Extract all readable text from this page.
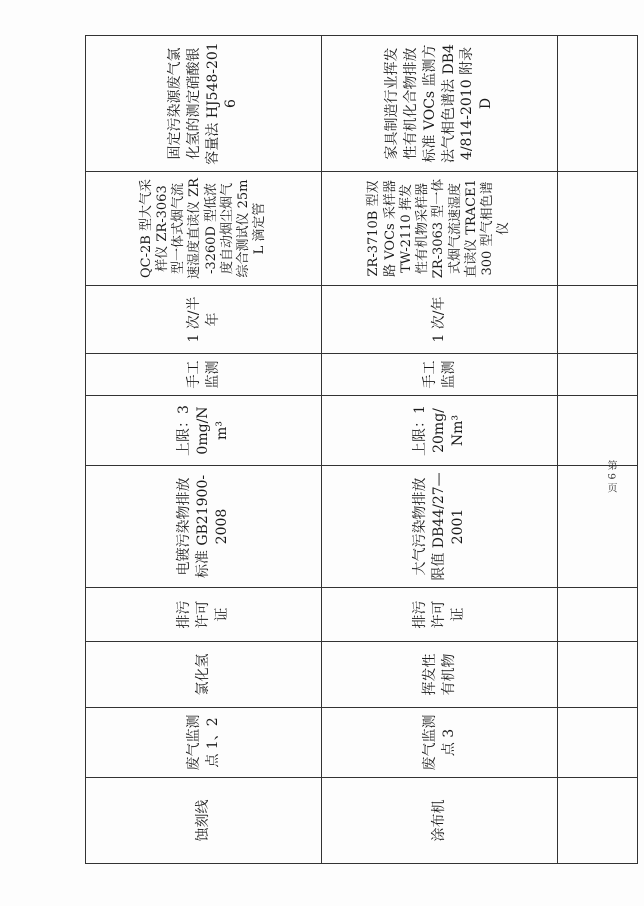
蚀刻线	废气监测点 1、2	氯化氢	排污许可证	电镀污染物排放标准 GB21900-2008	上限：30mg/Nm³	手工监测	1 次/半年	QC-2B 型大气采样仪 ZR-3063 型一体式烟气流速湿度直读仪 ZR-3260D 型低浓度自动烟尘烟气综合测试仪 25mL 滴定管	固定污染源废气氯化氢的测定硝酸银容量法 HJ548-2016
涂布机	废气监测点 3	挥发性有机物	排污许可证	大气污染物排放限值 DB44/27—2001	上限：120mg/Nm³	手工监测	1 次/年	ZR-3710B 型双路 VOCs 采样器 TW-2110 挥发性有机物采样器 ZR-3063 型一体式烟气流速湿度直读仪 TRACE1300 型气相色谱仪	家具制造行业挥发性有机化合物排放标准 VOCs 监测方法气相色谱法 DB44/814-2010 附录 D

第 9 页
